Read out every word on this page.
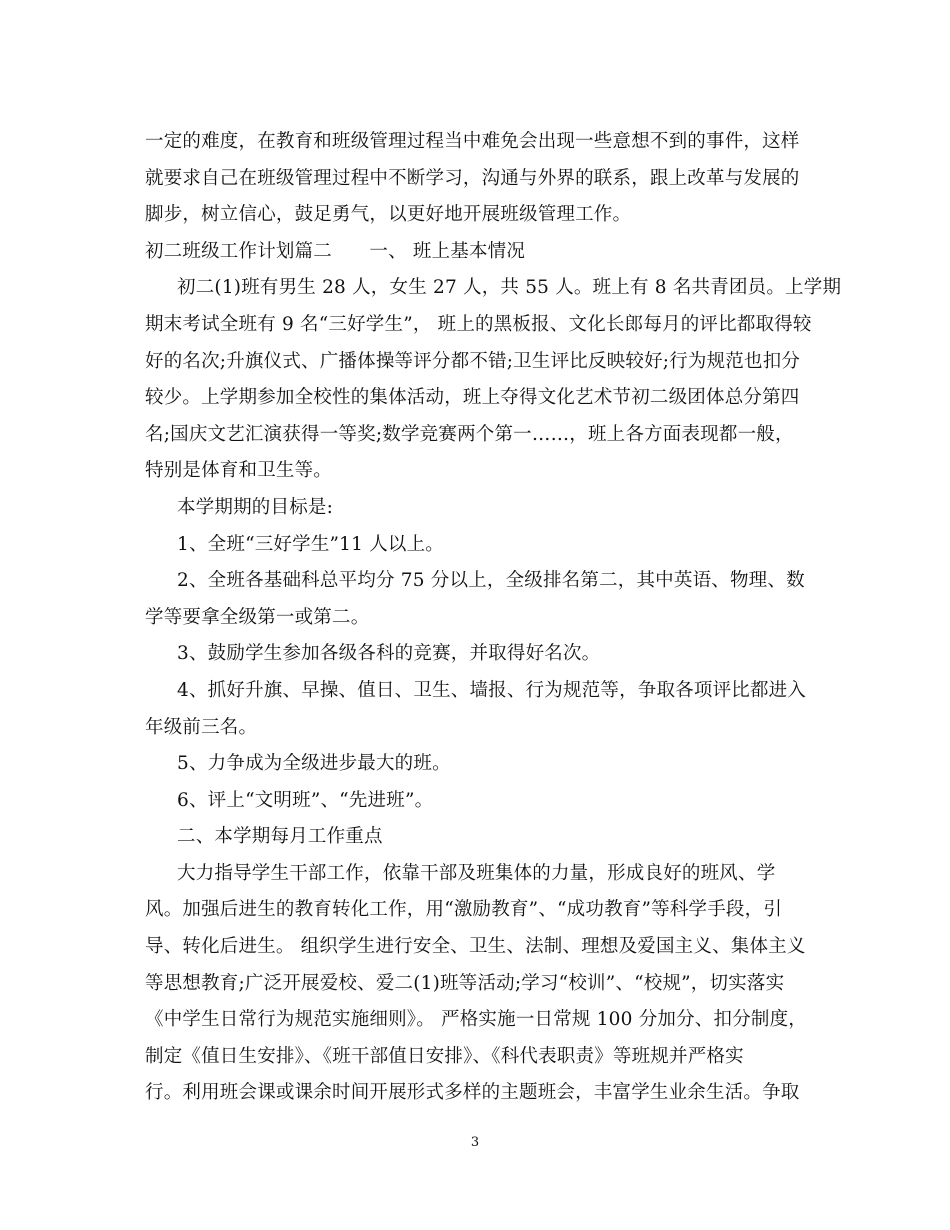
一定的难度，在教育和班级管理过程当中难免会出现一些意想不到的事件，这样
就要求自己在班级管理过程中不断学习，沟通与外界的联系，跟上改革与发展的
脚步，树立信心，鼓足勇气，以更好地开展班级管理工作。
初二班级工作计划篇二　　一、 班上基本情况
初二(1)班有男生 28 人，女生 27 人，共 55 人。班上有 8 名共青团员。上学期
期末考试全班有 9 名“三好学生”， 班上的黑板报、文化长郎每月的评比都取得较
好的名次;升旗仪式、广播体操等评分都不错;卫生评比反映较好;行为规范也扣分
较少。上学期参加全校性的集体活动，班上夺得文化艺术节初二级团体总分第四
名;国庆文艺汇演获得一等奖;数学竞赛两个第一……，班上各方面表现都一般，
特别是体育和卫生等。
本学期期的目标是:
1、全班“三好学生”11 人以上。
2、全班各基础科总平均分 75 分以上，全级排名第二，其中英语、物理、数
学等要拿全级第一或第二。
3、鼓励学生参加各级各科的竞赛，并取得好名次。
4、抓好升旗、早操、值日、卫生、墙报、行为规范等，争取各项评比都进入
年级前三名。
5、力争成为全级进步最大的班。
6、评上“文明班”、“先进班”。
二、本学期每月工作重点
大力指导学生干部工作，依靠干部及班集体的力量，形成良好的班风、学
风。加强后进生的教育转化工作，用“激励教育”、“成功教育”等科学手段，引
导、转化后进生。 组织学生进行安全、卫生、法制、理想及爱国主义、集体主义
等思想教育;广泛开展爱校、爱二(1)班等活动;学习“校训”、“校规”，切实落实
《中学生日常行为规范实施细则》。 严格实施一日常规 100 分加分、扣分制度，
制定《值日生安排》、《班干部值日安排》、《科代表职责》等班规并严格实
行。利用班会课或课余时间开展形式多样的主题班会，丰富学生业余生活。争取
3
